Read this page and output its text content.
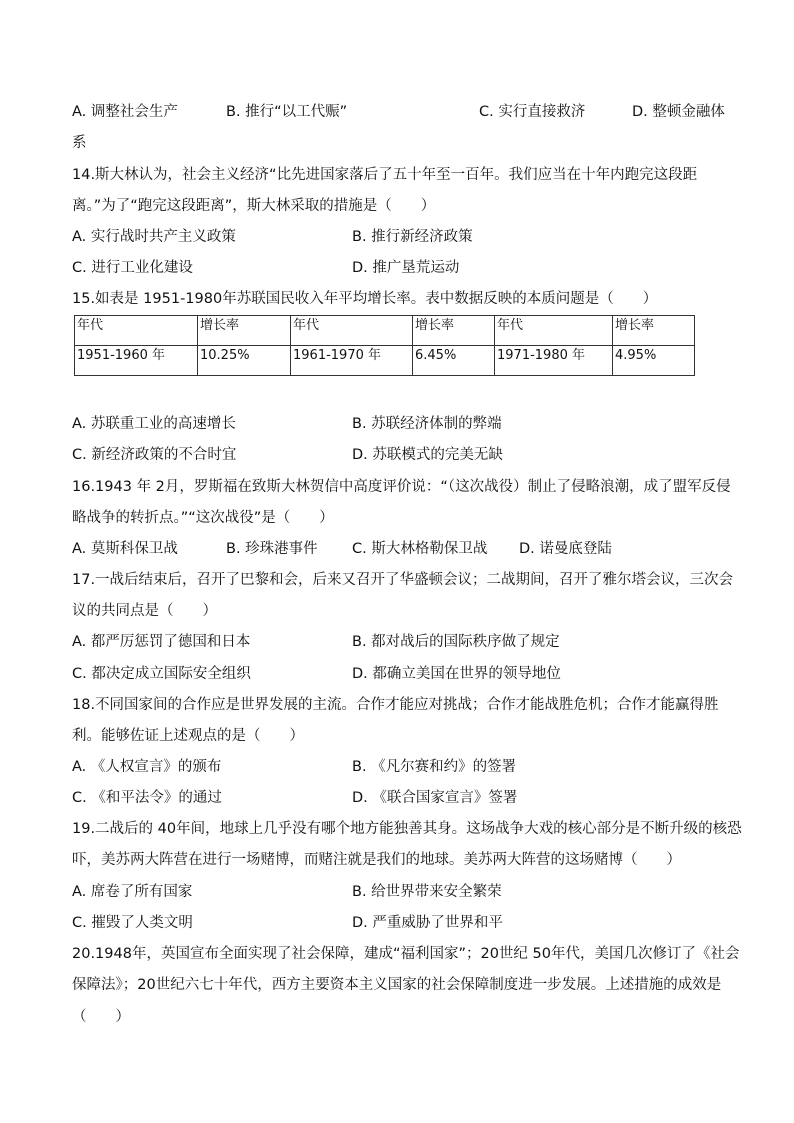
A. 调整社会生产	B. 推行“以工代赈”	C. 实行直接救济	D. 整顿金融体
系
14.斯大林认为，社会主义经济“比先进国家落后了五十年至一百年。我们应当在十年内跑完这段距
离。”为了“跑完这段距离”，斯大林采取的措施是（　　）
A. 实行战时共产主义政策	B. 推行新经济政策
C. 进行工业化建设	D. 推广垦荒运动
15.如表是 1951-1980年苏联国民收入年平均增长率。表中数据反映的本质问题是（　　）
年代	增长率	年代	增长率	年代	增长率
1951-1960 年	10.25%	1961-1970 年	6.45%	1971-1980 年	4.95%
A. 苏联重工业的高速增长	B. 苏联经济体制的弊端
C. 新经济政策的不合时宜	D. 苏联模式的完美无缺
16.1943 年 2月，罗斯福在致斯大林贺信中高度评价说：“（这次战役）制止了侵略浪潮，成了盟军反侵
略战争的转折点。”“这次战役”是（　　）
A. 莫斯科保卫战	B. 珍珠港事件 C. 斯大林格勒保卫战 D. 诺曼底登陆
17.一战后结束后，召开了巴黎和会，后来又召开了华盛顿会议；二战期间，召开了雅尔塔会议，三次会
议的共同点是（　　）
A. 都严厉惩罚了德国和日本	B. 都对战后的国际秩序做了规定
C. 都决定成立国际安全组织	D. 都确立美国在世界的领导地位
18.不同国家间的合作应是世界发展的主流。合作才能应对挑战；合作才能战胜危机；合作才能赢得胜
利。能够佐证上述观点的是（　　）
A. 《人权宣言》的颁布	B. 《凡尔赛和约》的签署
C. 《和平法令》的通过	D. 《联合国家宣言》签署
19.二战后的 40年间，地球上几乎没有哪个地方能独善其身。这场战争大戏的核心部分是不断升级的核恐
吓，美苏两大阵营在进行一场赌博，而赌注就是我们的地球。美苏两大阵营的这场赌博（　　）
A. 席卷了所有国家	B. 给世界带来安全繁荣
C. 摧毁了人类文明	D. 严重威胁了世界和平
20.1948年，英国宣布全面实现了社会保障，建成“福利国家”；20世纪 50年代，美国几次修订了《社会
保障法》；20世纪六七十年代，西方主要资本主义国家的社会保障制度进一步发展。上述措施的成效是
（　　）
